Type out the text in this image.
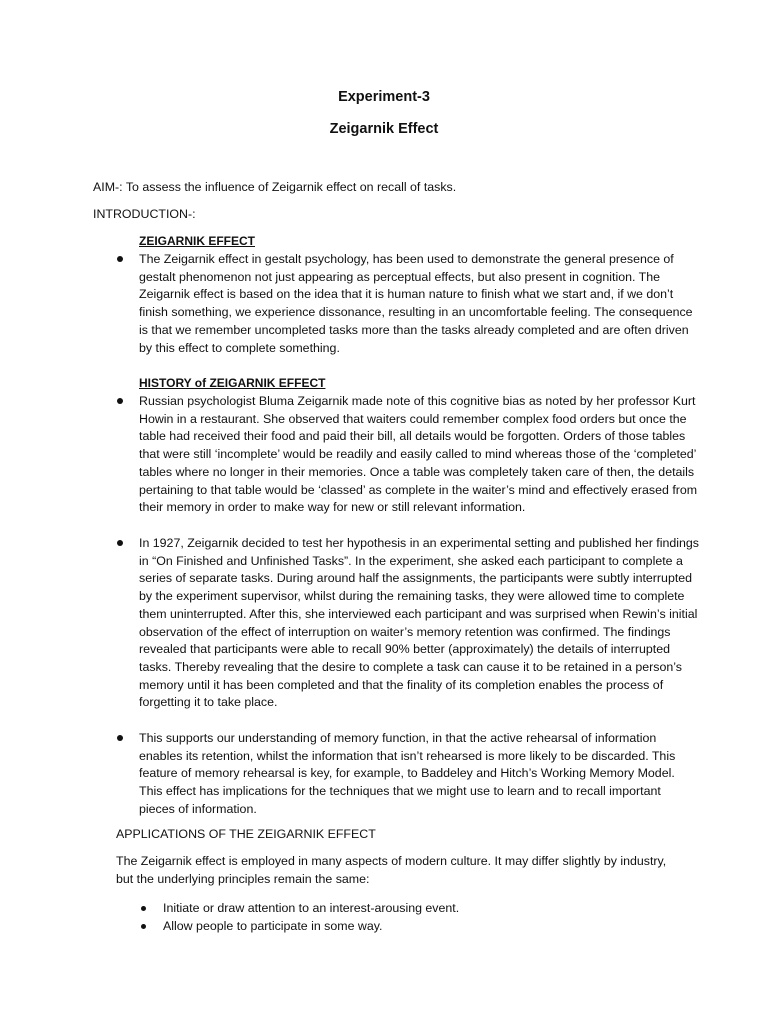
Experiment-3
Zeigarnik Effect
AIM-: To assess the influence of Zeigarnik effect on recall of tasks.
INTRODUCTION-:
ZEIGARNIK EFFECT
The Zeigarnik effect in gestalt psychology, has been used to demonstrate the general presence of gestalt phenomenon not just appearing as perceptual effects, but also present in cognition. The Zeigarnik effect is based on the idea that it is human nature to finish what we start and, if we don’t finish something, we experience dissonance, resulting in an uncomfortable feeling. The consequence is that we remember uncompleted tasks more than the tasks already completed and are often driven by this effect to complete something.
HISTORY of ZEIGARNIK EFFECT
Russian psychologist Bluma Zeigarnik made note of this cognitive bias as noted by her professor Kurt Howin in a restaurant. She observed that waiters could remember complex food orders but once the table had received their food and paid their bill, all details would be forgotten. Orders of those tables that were still ‘incomplete’ would be readily and easily called to mind whereas those of the ‘completed’ tables where no longer in their memories. Once a table was completely taken care of then, the details pertaining to that table would be ‘classed’ as complete in the waiter’s mind and effectively erased from their memory in order to make way for new or still relevant information.
In 1927, Zeigarnik decided to test her hypothesis in an experimental setting and published her findings in “On Finished and Unfinished Tasks”. In the experiment, she asked each participant to complete a series of separate tasks. During around half the assignments, the participants were subtly interrupted by the experiment supervisor, whilst during the remaining tasks, they were allowed time to complete them uninterrupted. After this, she interviewed each participant and was surprised when Rewin’s initial observation of the effect of interruption on waiter’s memory retention was confirmed. The findings revealed that participants were able to recall 90% better (approximately) the details of interrupted tasks. Thereby revealing that the desire to complete a task can cause it to be retained in a person’s memory until it has been completed and that the finality of its completion enables the process of forgetting it to take place.
This supports our understanding of memory function, in that the active rehearsal of information enables its retention, whilst the information that isn’t rehearsed is more likely to be discarded. This feature of memory rehearsal is key, for example, to Baddeley and Hitch’s Working Memory Model. This effect has implications for the techniques that we might use to learn and to recall important pieces of information.
APPLICATIONS OF THE ZEIGARNIK EFFECT
The Zeigarnik effect is employed in many aspects of modern culture. It may differ slightly by industry, but the underlying principles remain the same:
Initiate or draw attention to an interest-arousing event.
Allow people to participate in some way.
